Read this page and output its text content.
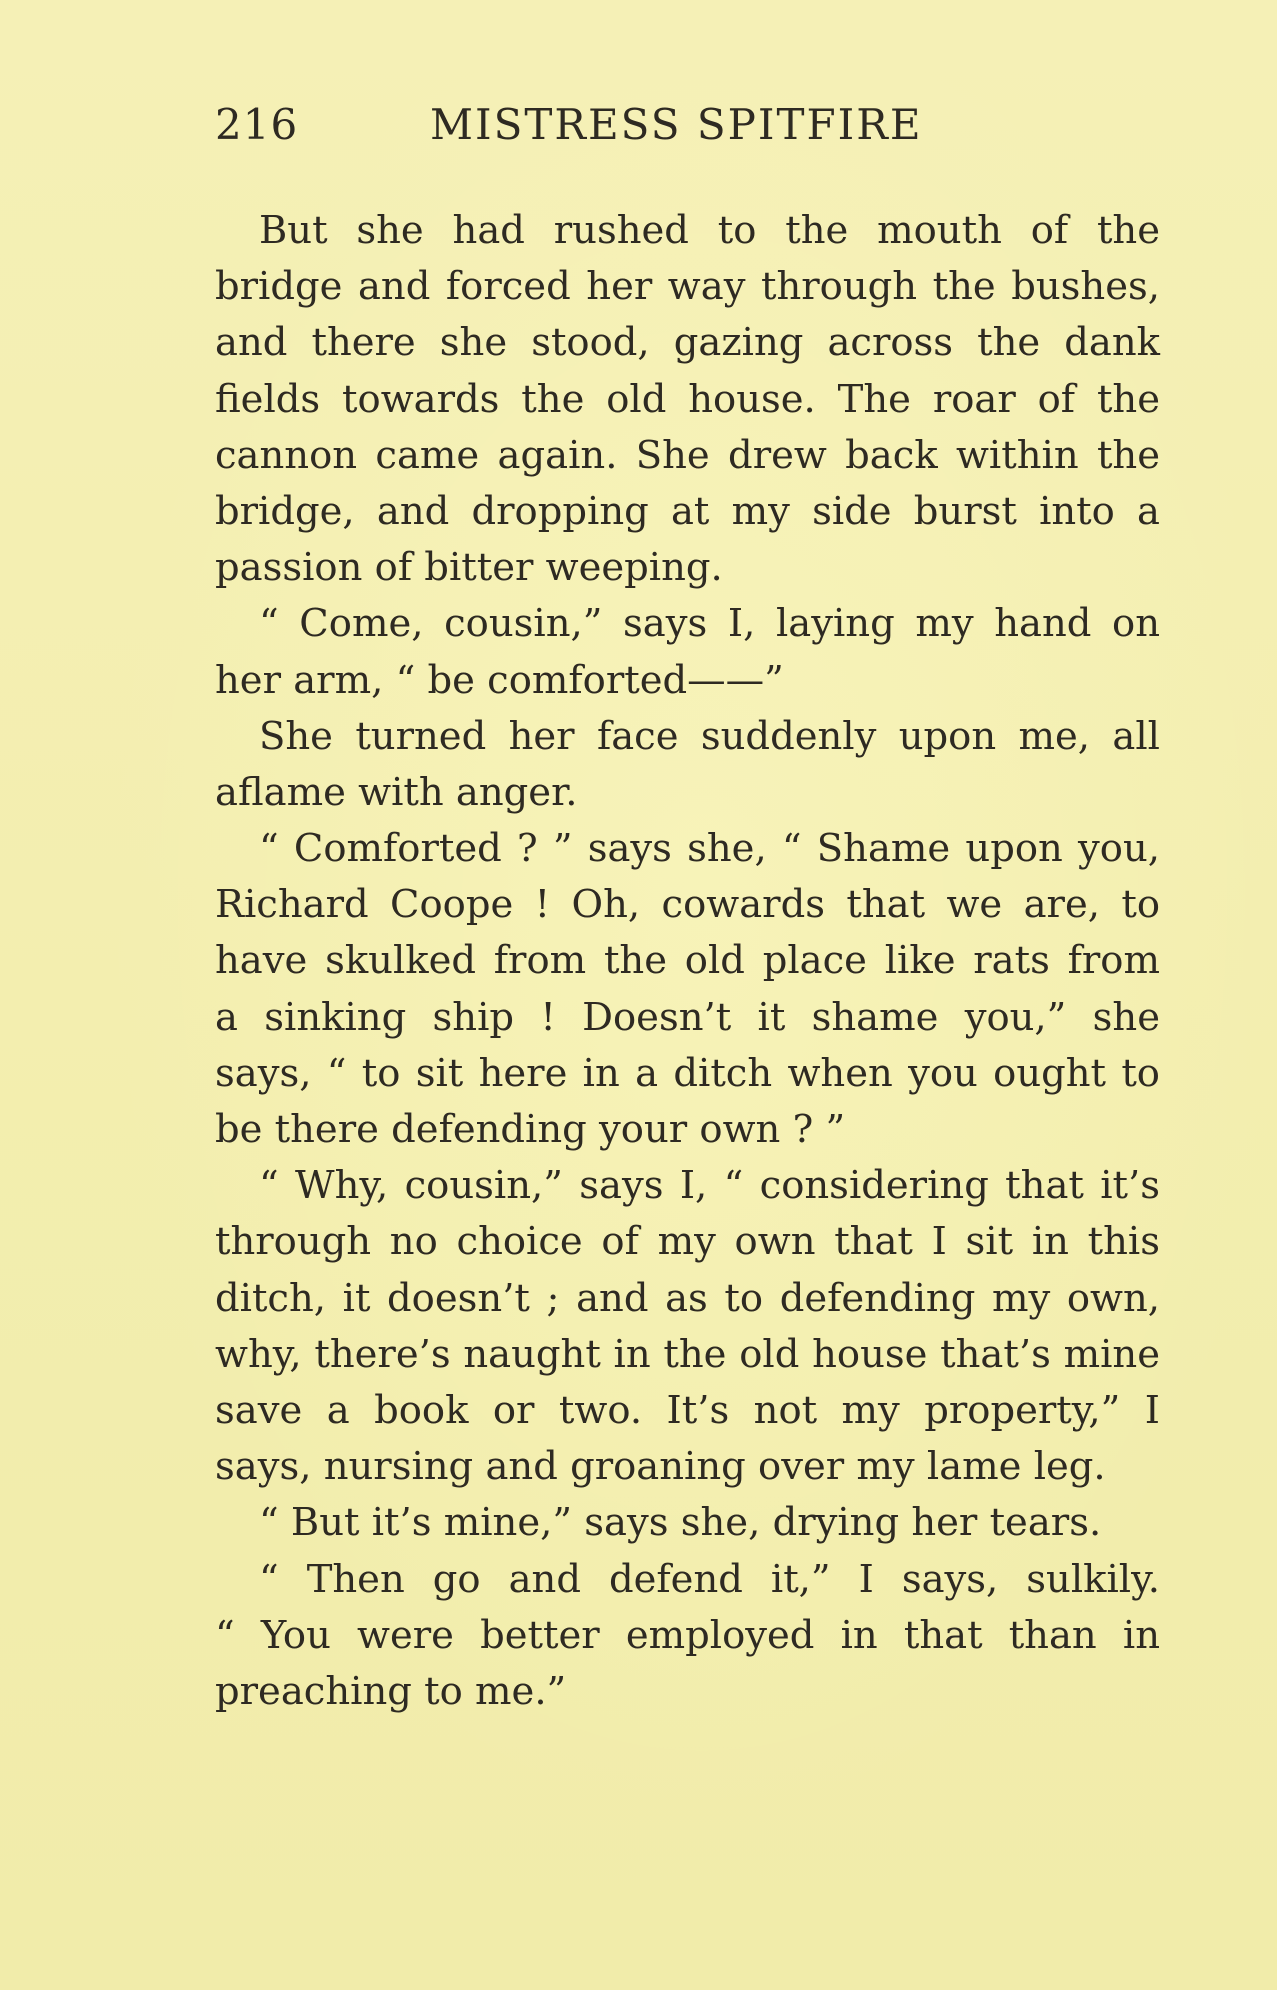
216	MISTRESS SPITFIRE
But she had rushed to the mouth of the
bridge and forced her way through the bushes,
and there she stood, gazing across the dank
fields towards the old house. The roar of the
cannon came again. She drew back within the
bridge, and dropping at my side burst into a
passion of bitter weeping.
“ Come, cousin,” says I, laying my hand on
her arm, “ be comforted——”
She turned her face suddenly upon me, all
aflame with anger.
“ Comforted ? ” says she, “ Shame upon you,
Richard Coope ! Oh, cowards that we are, to
have skulked from the old place like rats from
a sinking ship ! Doesn’t it shame you,” she
says, “ to sit here in a ditch when you ought to
be there defending your own ? ”
“ Why, cousin,” says I, “ considering that it’s
through no choice of my own that I sit in this
ditch, it doesn’t ; and as to defending my own,
why, there’s naught in the old house that’s mine
save a book or two. It’s not my property,” I
says, nursing and groaning over my lame leg.
“ But it’s mine,” says she, drying her tears.
“ Then go and defend it,” I says, sulkily.
“ You were better employed in that than in
preaching to me.”
